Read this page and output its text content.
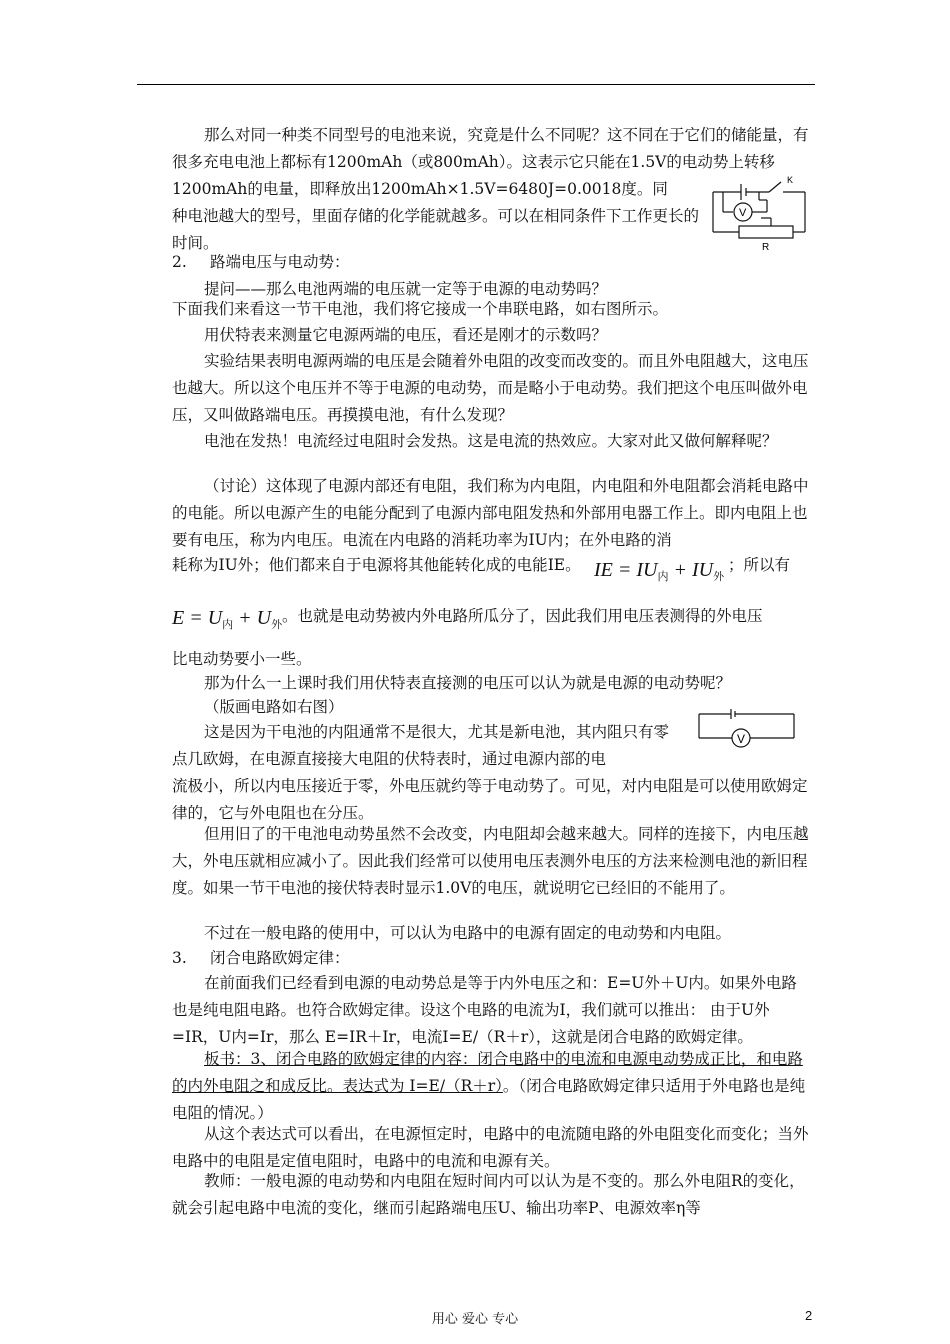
那么对同一种类不同型号的电池来说，究竟是什么不同呢？这不同在于它们的储能量，有很多充电电池上都标有1200mAh（或800mAh）。这表示它只能在1.5V的电动势上转移1200mAh的电量，即释放出1200mAh×1.5V=6480J=0.0018度。同

种电池越大的型号，里面存储的化学能就越多。可以在相同条件下工作更长的时间。

V
K
R

2. 路端电压与电动势：

提问——那么电池两端的电压就一定等于电源的电动势吗？

下面我们来看这一节干电池，我们将它接成一个串联电路，如右图所示。

用伏特表来测量它电源两端的电压，看还是刚才的示数吗？

实验结果表明电源两端的电压是会随着外电阻的改变而改变的。而且外电阻越大，这电压也越大。所以这个电压并不等于电源的电动势，而是略小于电动势。我们把这个电压叫做外电压，又叫做路端电压。再摸摸电池，有什么发现？

电池在发热！电流经过电阻时会发热。这是电流的热效应。大家对此又做何解释呢？

（讨论）这体现了电源内部还有电阻，我们称为内电阻，内电阻和外电阻都会消耗电路中的电能。所以电源产生的电能分配到了电源内部电阻发热和外部用电器工作上。即内电阻上也要有电压，称为内电压。电流在内电路的消耗功率为IU内；在外电路的消

耗称为IU外；他们都来自于电源将其他能转化成的电能IE。 IE = $IU_内 + IU_外$

；所以有

$E = U_内 + U_外$ 。也就是电动势被内外电路所瓜分了，因此我们用电压表测得的外电压

比电动势要小一些。

那为什么一上课时我们用伏特表直接测的电压可以认为就是电源的电动势呢？

（版画电路如右图）

这是因为干电池的内阻通常不是很大，尤其是新电池，其内阻只有零点几欧姆，在电源直接接大电阻的伏特表时，通过电源内部的电

流极小，所以内电压接近于零，外电压就约等于电动势了。可见，对内电阻是可以使用欧姆定律的，它与外电阻也在分压。

V

但用旧了的干电池电动势虽然不会改变，内电阻却会越来越大。同样的连接下，内电压越大，外电压就相应减小了。因此我们经常可以使用电压表测外电压的方法来检测电池的新旧程度。如果一节干电池的接伏特表时显示1.0V的电压，就说明它已经旧的不能用了。

不过在一般电路的使用中，可以认为电路中的电源有固定的电动势和内电阻。

3. 闭合电路欧姆定律：

在前面我们已经看到电源的电动势总是等于内外电压之和：E=U外＋U内。如果外电路也是纯电阻电路。也符合欧姆定律。设这个电路的电流为I，我们就可以推出： 由于U外=IR，U内=Ir，那么 E=IR＋Ir，电流I=E/（R＋r），这就是闭合电路的欧姆定律。

板书：3、闭合电路的欧姆定律的内容：闭合电路中的电流和电源电动势成正比，和电路的内外电阻之和成反比。表达式为 I=E/（R＋r）。（闭合电路欧姆定律只适用于外电路也是纯电阻的情况。）

从这个表达式可以看出，在电源恒定时，电路中的电流随电路的外电阻变化而变化；当外电路中的电阻是定值电阻时，电路中的电流和电源有关。

教师：一般电源的电动势和内电阻在短时间内可以认为是不变的。那么外电阻R的变化，就会引起电路中电流的变化，继而引起路端电压U、输出功率P、电源效率η等

用心 爱心 专心	2
